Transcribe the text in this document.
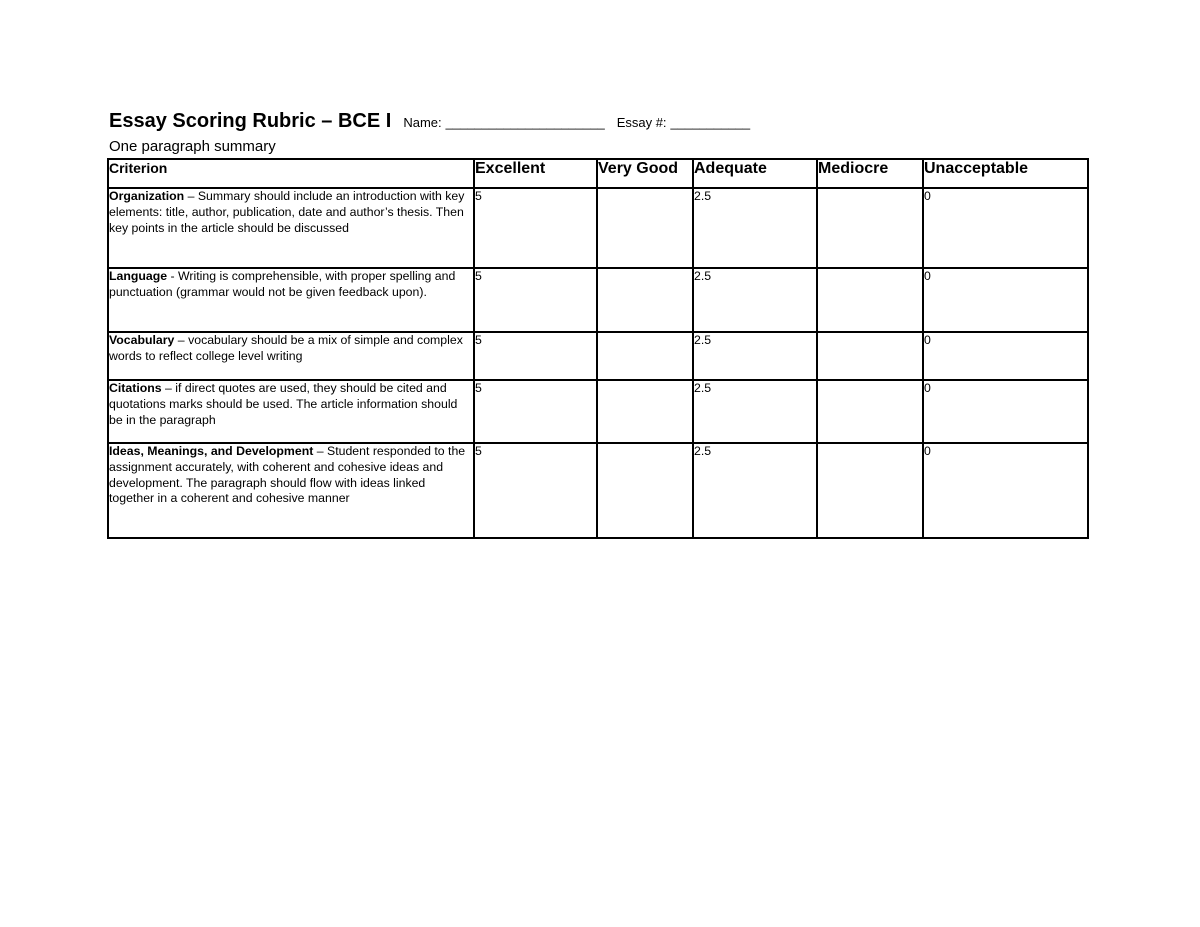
Essay Scoring Rubric – BCE I Name: ______________________ Essay #: ___________
One paragraph summary
Criterion	Excellent	Very Good	Adequate	Mediocre	Unacceptable
Organization – Summary should include an introduction with key elements: title, author, publication, date and author’s thesis. Then key points in the article should be discussed	5		2.5		0
Language - Writing is comprehensible, with proper spelling and punctuation (grammar would not be given feedback upon).	5		2.5		0
Vocabulary – vocabulary should be a mix of simple and complex words to reflect college level writing	5		2.5		0
Citations – if direct quotes are used, they should be cited and quotations marks should be used. The article information should be in the paragraph	5		2.5		0
Ideas, Meanings, and Development – Student responded to the assignment accurately, with coherent and cohesive ideas and development. The paragraph should flow with ideas linked together in a coherent and cohesive manner	5		2.5		0
